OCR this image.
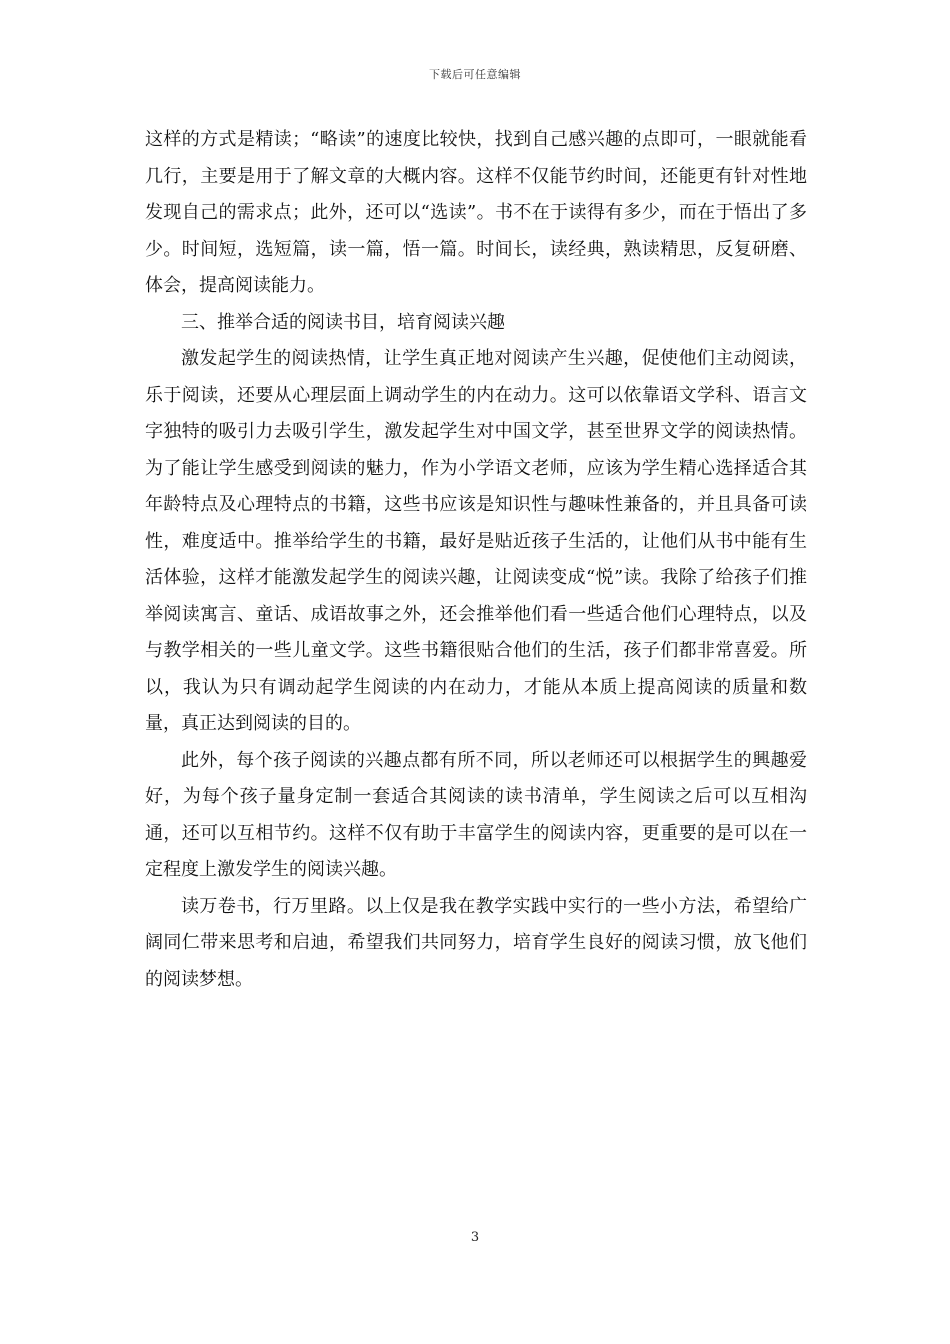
下载后可任意编辑

这样的方式是精读；“略读”的速度比较快，找到自己感兴趣的点即可，一眼就能看几行，主要是用于了解文章的大概内容。这样不仅能节约时间，还能更有针对性地发现自己的需求点；此外，还可以“选读”。书不在于读得有多少，而在于悟出了多少。时间短，选短篇，读一篇，悟一篇。时间长，读经典，熟读精思，反复研磨、体会，提高阅读能力。

三、推举合适的阅读书目，培育阅读兴趣

激发起学生的阅读热情，让学生真正地对阅读产生兴趣，促使他们主动阅读，乐于阅读，还要从心理层面上调动学生的内在动力。这可以依靠语文学科、语言文字独特的吸引力去吸引学生，激发起学生对中国文学，甚至世界文学的阅读热情。为了能让学生感受到阅读的魅力，作为小学语文老师，应该为学生精心选择适合其年龄特点及心理特点的书籍，这些书应该是知识性与趣味性兼备的，并且具备可读性，难度适中。推举给学生的书籍，最好是贴近孩子生活的，让他们从书中能有生活体验，这样才能激发起学生的阅读兴趣，让阅读变成“悦”读。我除了给孩子们推举阅读寓言、童话、成语故事之外，还会推举他们看一些适合他们心理特点，以及与教学相关的一些儿童文学。这些书籍很贴合他们的生活，孩子们都非常喜爱。所以，我认为只有调动起学生阅读的内在动力，才能从本质上提高阅读的质量和数量，真正达到阅读的目的。

此外，每个孩子阅读的兴趣点都有所不同，所以老师还可以根据学生的興趣爱好，为每个孩子量身定制一套适合其阅读的读书清单，学生阅读之后可以互相沟通，还可以互相节约。这样不仅有助于丰富学生的阅读内容，更重要的是可以在一定程度上激发学生的阅读兴趣。

读万卷书，行万里路。以上仅是我在教学实践中实行的一些小方法，希望给广阔同仁带来思考和启迪，希望我们共同努力，培育学生良好的阅读习惯，放飞他们的阅读梦想。

3
